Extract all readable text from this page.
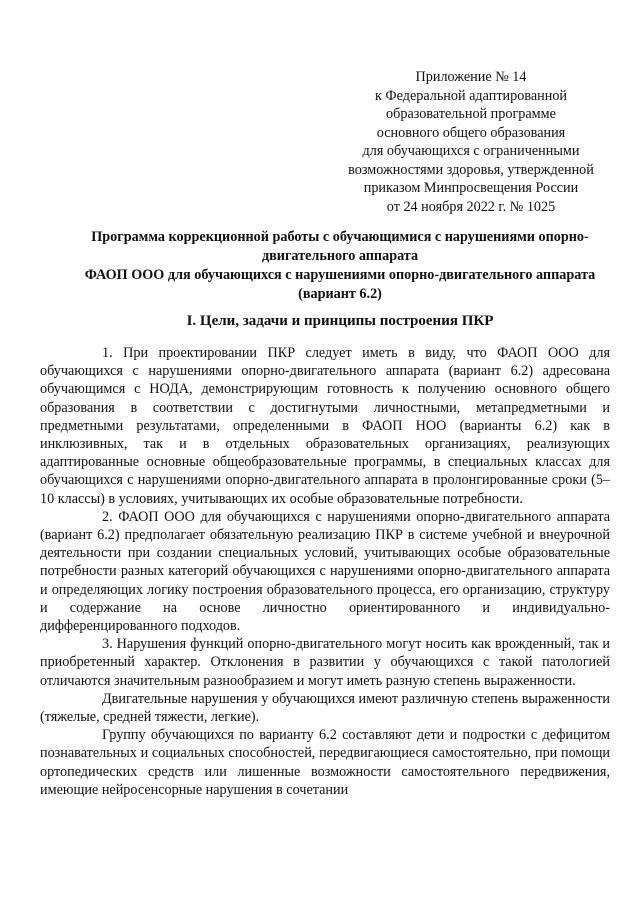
Приложение № 14
к Федеральной адаптированной
образовательной программе
основного общего образования
для обучающихся с ограниченными
возможностями здоровья, утвержденной
приказом Минпросвещения России
от 24 ноября 2022 г. № 1025
Программа коррекционной работы с обучающимися с нарушениями опорно-
двигательного аппарата
ФАОП ООО для обучающихся с нарушениями опорно-двигательного аппарата
(вариант 6.2)
I. Цели, задачи и принципы построения ПКР

1. При проектировании ПКР следует иметь в виду, что ФАОП ООО для обучающихся с нарушениями опорно-двигательного аппарата (вариант 6.2) адресована обучающимся с НОДА, демонстрирующим готовность к получению основного общего образования в соответствии с достигнутыми личностными, метапредметными и предметными результатами, определенными в ФАОП НОО (варианты 6.2) как в инклюзивных, так и в отдельных образовательных организациях, реализующих адаптированные основные общеобразовательные программы, в специальных классах для обучающихся с нарушениями опорно-двигательного аппарата в пролонгированные сроки (5–10 классы) в условиях, учитывающих их особые образовательные потребности.

2. ФАОП ООО для обучающихся с нарушениями опорно-двигательного аппарата (вариант 6.2) предполагает обязательную реализацию ПКР в системе учебной и внеурочной деятельности при создании специальных условий, учитывающих особые образовательные потребности разных категорий обучающихся с нарушениями опорно-двигательного аппарата и определяющих логику построения образовательного процесса, его организацию, структуру и содержание на основе личностно ориентированного и индивидуально-дифференцированного подходов.

3. Нарушения функций опорно-двигательного могут носить как врожденный, так и приобретенный характер. Отклонения в развитии у обучающихся с такой патологией отличаются значительным разнообразием и могут иметь разную степень выраженности.

Двигательные нарушения у обучающихся имеют различную степень выраженности (тяжелые, средней тяжести, легкие).

Группу обучающихся по варианту 6.2 составляют дети и подростки с дефицитом познавательных и социальных способностей, передвигающиеся самостоятельно, при помощи ортопедических средств или лишенные возможности самостоятельного передвижения, имеющие нейросенсорные нарушения в сочетании
